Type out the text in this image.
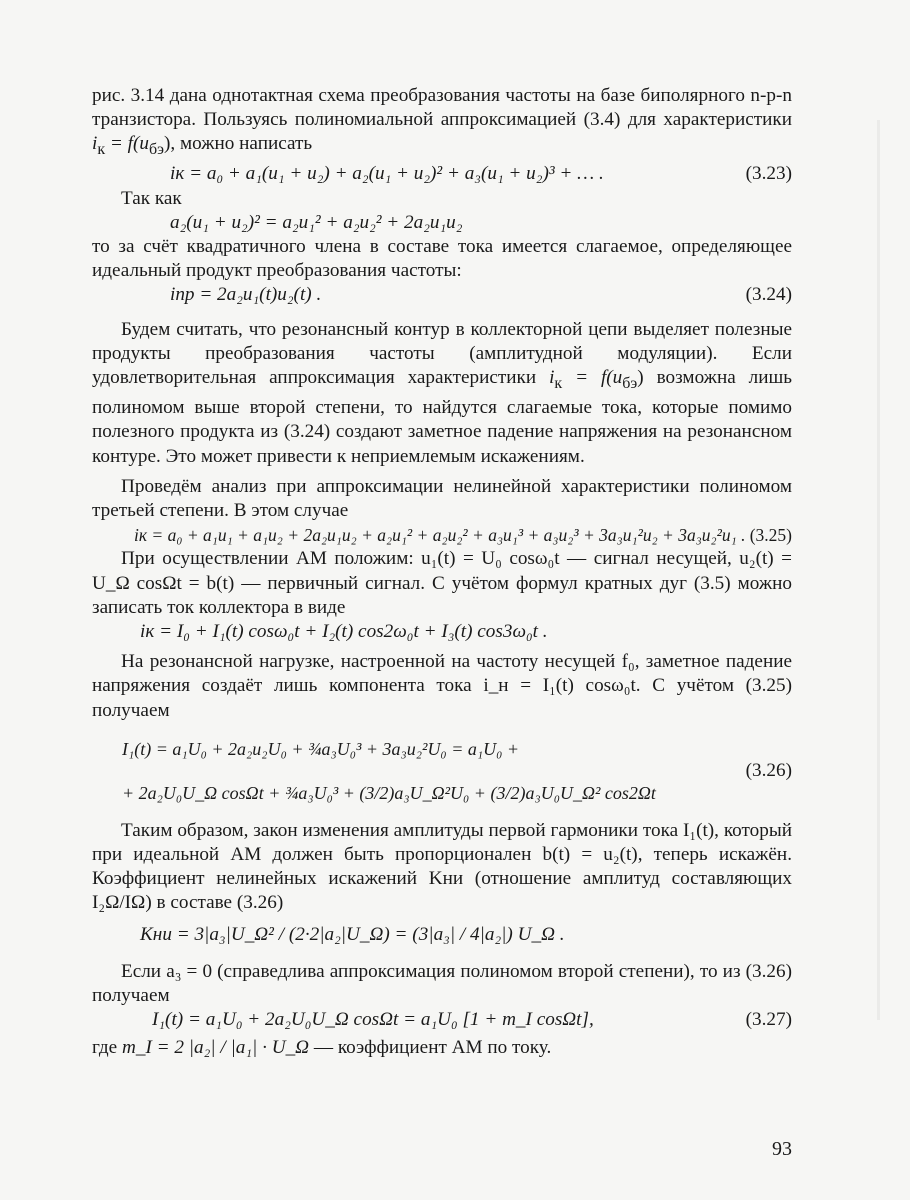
рис. 3.14 дана однотактная схема преобразования частоты на базе биполярного n-p-n транзистора. Пользуясь полиномиальной аппроксимацией (3.4) для характеристики $i_к = f(u_{бэ})$, можно написать

iк = a₀ + a₁(u₁ + u₂) + a₂(u₁ + u₂)² + a₃(u₁ + u₂)³ + … .	(3.23)

Так как

a₂(u₁ + u₂)² = a₂u₁² + a₂u₂² + 2a₂u₁u₂

то за счёт квадратичного члена в составе тока имеется слагаемое, определяющее идеальный продукт преобразования частоты:

iпр = 2a₂u₁(t)u₂(t) .	(3.24)

Будем считать, что резонансный контур в коллекторной цепи выделяет полезные продукты преобразования частоты (амплитудной модуляции). Если удовлетворительная аппроксимация характеристики $i_к = f(u_{бэ})$ возможна лишь полиномом выше второй степени, то найдутся слагаемые тока, которые помимо полезного продукта из (3.24) создают заметное падение напряжения на резонансном контуре. Это может привести к неприемлемым искажениям.

Проведём анализ при аппроксимации нелинейной характеристики полиномом третьей степени. В этом случае

iк = a₀ + a₁u₁ + a₁u₂ + 2a₂u₁u₂ + a₂u₁² + a₂u₂² + a₃u₁³ + a₃u₂³ + 3a₃u₁²u₂ + 3a₃u₂²u₁ . (3.25)

При осуществлении АМ положим: u₁(t) = U₀ cosω₀t — сигнал несущей, u₂(t) = U_Ω cosΩt = b(t) — первичный сигнал. С учётом формул кратных дуг (3.5) можно записать ток коллектора в виде

iк = I₀ + I₁(t) cosω₀t + I₂(t) cos2ω₀t + I₃(t) cos3ω₀t .

На резонансной нагрузке, настроенной на частоту несущей f₀, заметное падение напряжения создаёт лишь компонента тока i_н = I₁(t) cosω₀t. С учётом (3.25) получаем

I₁(t) = a₁U₀ + 2a₂u₂U₀ + ¾a₃U₀³ + 3a₃u₂²U₀ = a₁U₀ +
+ 2a₂U₀U_Ω cosΩt + ¾a₃U₀³ + (3/2)a₃U_Ω²U₀ + (3/2)a₃U₀U_Ω² cos2Ωt
(3.26)

Таким образом, закон изменения амплитуды первой гармоники тока I₁(t), который при идеальной АМ должен быть пропорционален b(t) = u₂(t), теперь искажён. Коэффициент нелинейных искажений Kни (отношение амплитуд составляющих I₂Ω/IΩ) в составе (3.26)

Kни = 3|a₃|U_Ω² / (2·2|a₂|U_Ω) = (3|a₃| / 4|a₂|) U_Ω .

Если a₃ = 0 (справедлива аппроксимация полиномом второй степени), то из (3.26) получаем

I₁(t) = a₁U₀ + 2a₂U₀U_Ω cosΩt = a₁U₀ [1 + m_I cosΩt],	(3.27)

где m_I = 2 |a₂| / |a₁| · U_Ω — коэффициент АМ по току.

93
